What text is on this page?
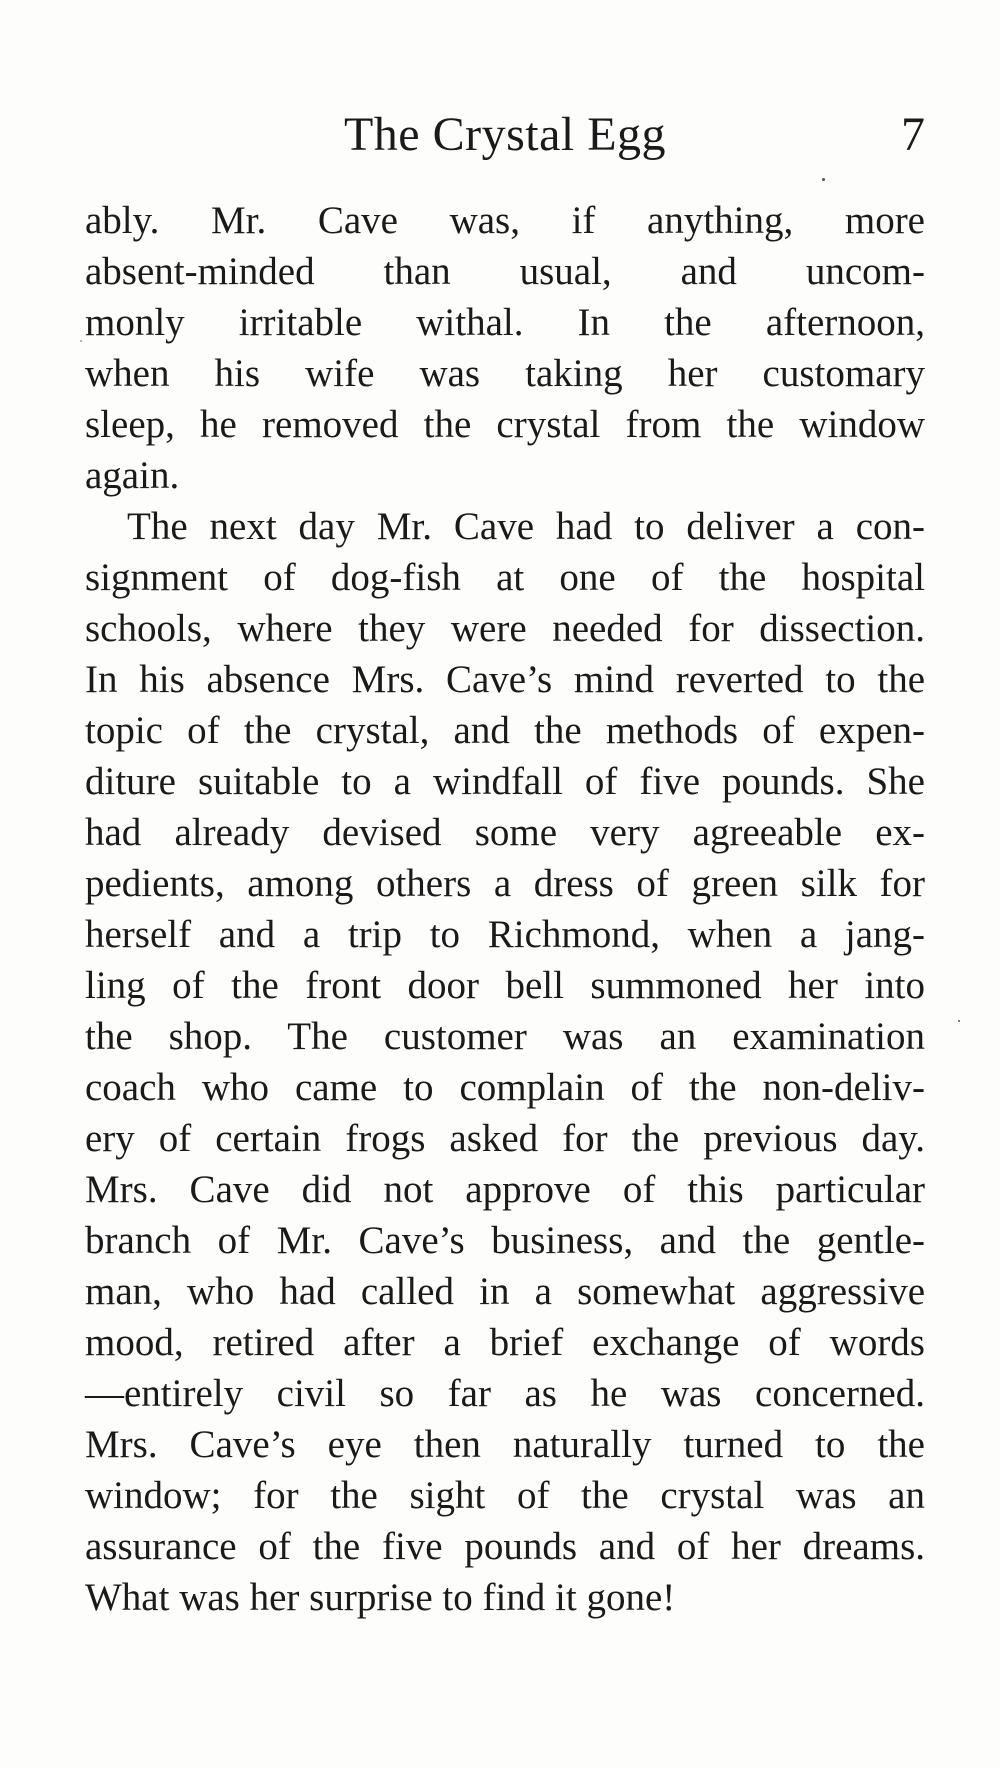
The Crystal Egg	7
ably. Mr. Cave was, if anything, more
absent-minded than usual, and uncom-
monly irritable withal. In the afternoon,
when his wife was taking her customary
sleep, he removed the crystal from the window
again.
The next day Mr. Cave had to deliver a con-
signment of dog-fish at one of the hospital
schools, where they were needed for dissection.
In his absence Mrs. Cave’s mind reverted to the
topic of the crystal, and the methods of expen-
diture suitable to a windfall of five pounds. She
had already devised some very agreeable ex-
pedients, among others a dress of green silk for
herself and a trip to Richmond, when a jang-
ling of the front door bell summoned her into
the shop. The customer was an examination
coach who came to complain of the non-deliv-
ery of certain frogs asked for the previous day.
Mrs. Cave did not approve of this particular
branch of Mr. Cave’s business, and the gentle-
man, who had called in a somewhat aggressive
mood, retired after a brief exchange of words
—entirely civil so far as he was concerned.
Mrs. Cave’s eye then naturally turned to the
window; for the sight of the crystal was an
assurance of the five pounds and of her dreams.
What was her surprise to find it gone!
